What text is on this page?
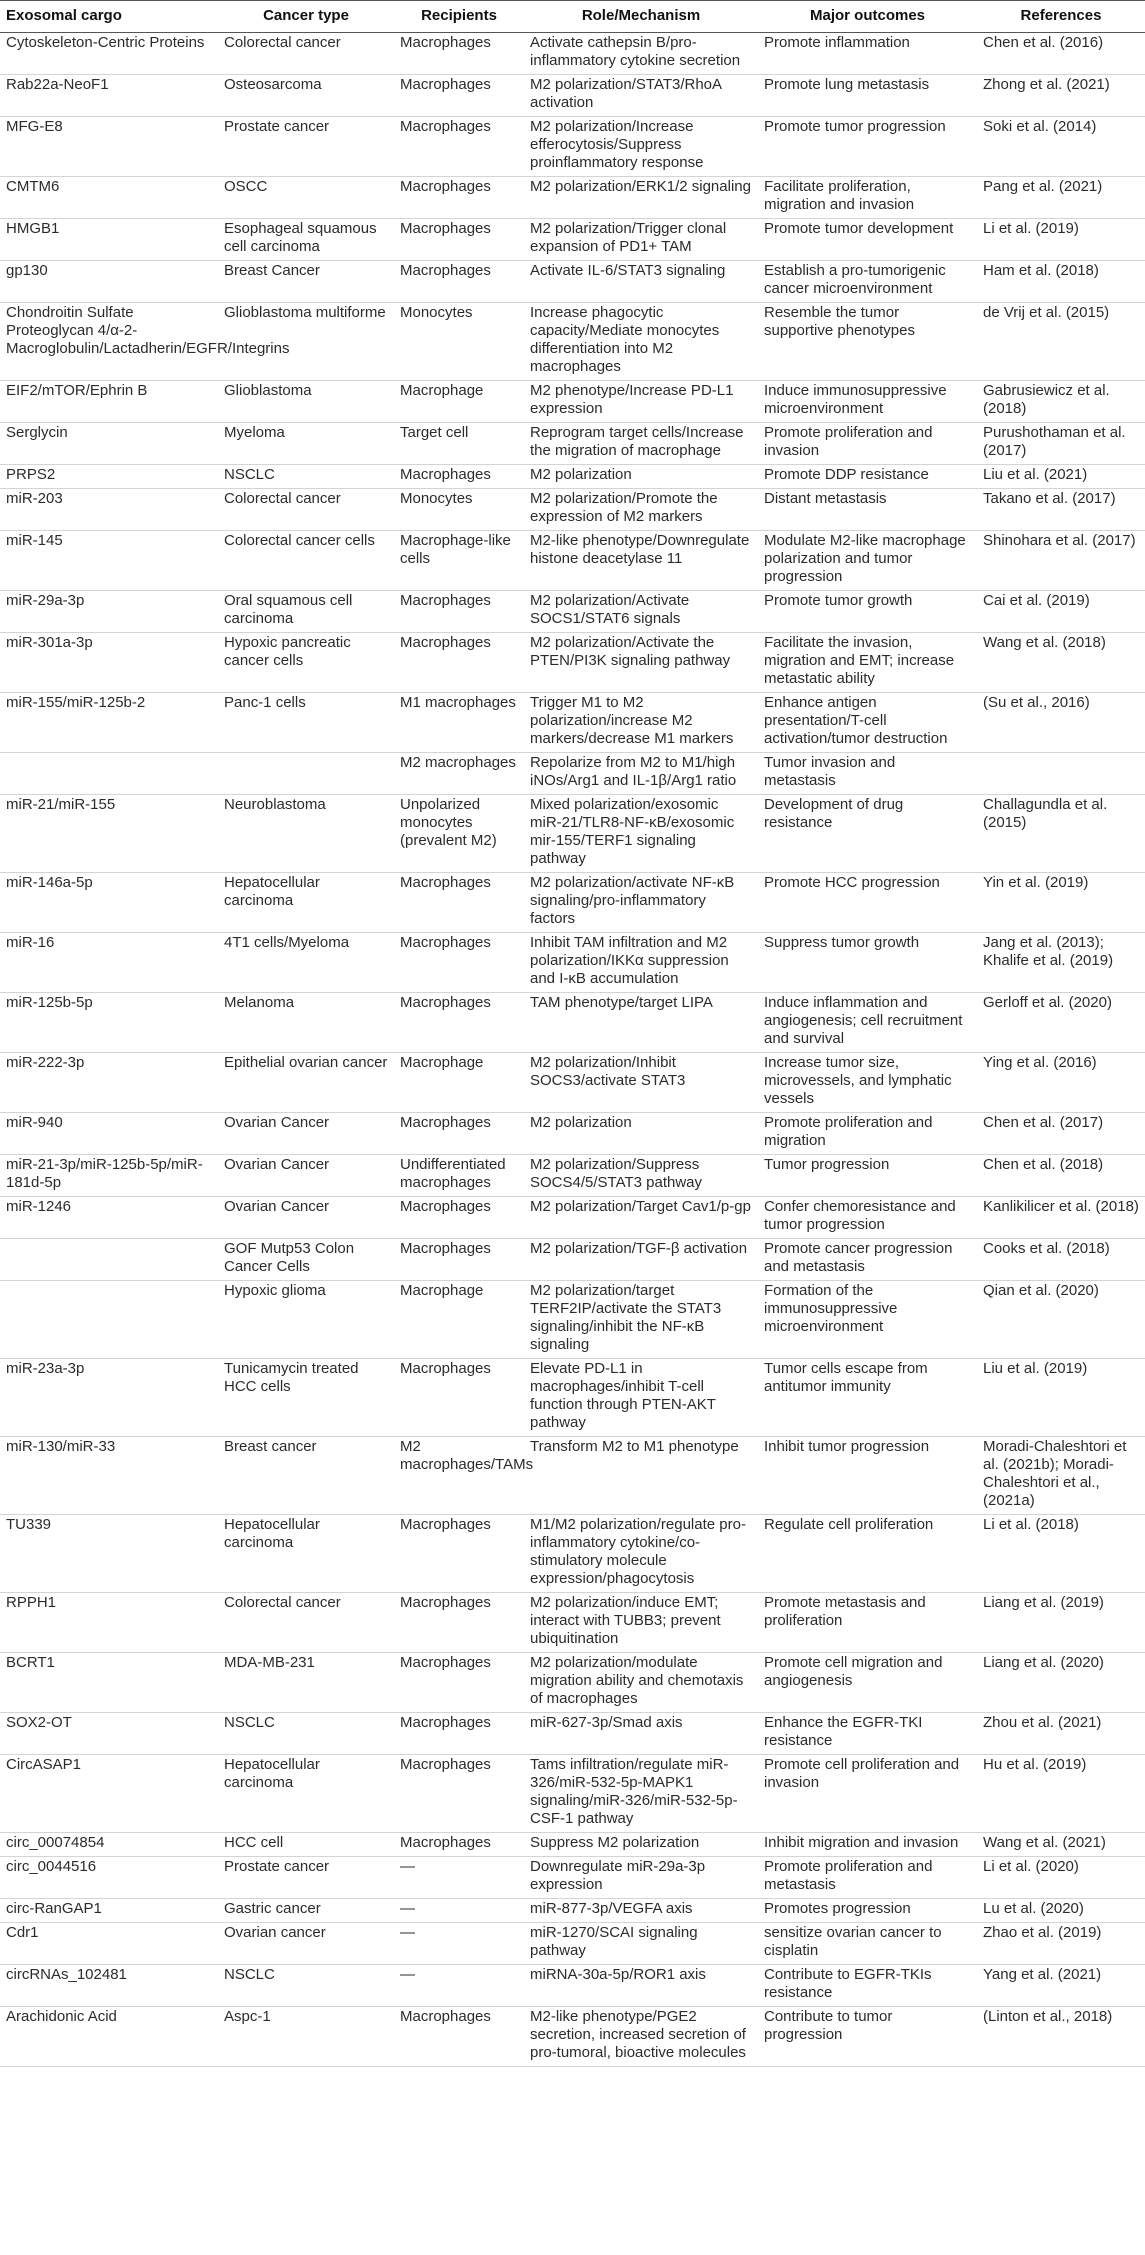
Exosomal cargo	Cancer type	Recipients	Role/Mechanism	Major outcomes	References
Cytoskeleton-Centric Proteins	Colorectal cancer	Macrophages	Activate cathepsin B/pro-inflammatory cytokine secretion	Promote inflammation	Chen et al. (2016)
Rab22a-NeoF1	Osteosarcoma	Macrophages	M2 polarization/STAT3/RhoA activation	Promote lung metastasis	Zhong et al. (2021)
MFG-E8	Prostate cancer	Macrophages	M2 polarization/Increase efferocytosis/Suppress proinflammatory response	Promote tumor progression	Soki et al. (2014)
CMTM6	OSCC	Macrophages	M2 polarization/ERK1/2 signaling	Facilitate proliferation, migration and invasion	Pang et al. (2021)
HMGB1	Esophageal squamous cell carcinoma	Macrophages	M2 polarization/Trigger clonal expansion of PD1+ TAM	Promote tumor development	Li et al. (2019)
gp130	Breast Cancer	Macrophages	Activate IL-6/STAT3 signaling	Establish a pro-tumorigenic cancer microenvironment	Ham et al. (2018)
Chondroitin Sulfate Proteoglycan 4/α-2-Macroglobulin/Lactadherin/EGFR/Integrins	Glioblastoma multiforme	Monocytes	Increase phagocytic capacity/Mediate monocytes differentiation into M2 macrophages	Resemble the tumor supportive phenotypes	de Vrij et al. (2015)
EIF2/mTOR/Ephrin B	Glioblastoma	Macrophage	M2 phenotype/Increase PD-L1 expression	Induce immunosuppressive microenvironment	Gabrusiewicz et al. (2018)
Serglycin	Myeloma	Target cell	Reprogram target cells/Increase the migration of macrophage	Promote proliferation and invasion	Purushothaman et al. (2017)
PRPS2	NSCLC	Macrophages	M2 polarization	Promote DDP resistance	Liu et al. (2021)
miR-203	Colorectal cancer	Monocytes	M2 polarization/Promote the expression of M2 markers	Distant metastasis	Takano et al. (2017)
miR-145	Colorectal cancer cells	Macrophage-like cells	M2-like phenotype/Downregulate histone deacetylase 11	Modulate M2-like macrophage polarization and tumor progression	Shinohara et al. (2017)
miR-29a-3p	Oral squamous cell carcinoma	Macrophages	M2 polarization/Activate SOCS1/STAT6 signals	Promote tumor growth	Cai et al. (2019)
miR-301a-3p	Hypoxic pancreatic cancer cells	Macrophages	M2 polarization/Activate the PTEN/PI3K signaling pathway	Facilitate the invasion, migration and EMT; increase metastatic ability	Wang et al. (2018)
miR-155/miR-125b-2	Panc-1 cells	M1 macrophages	Trigger M1 to M2 polarization/increase M2 markers/decrease M1 markers	Enhance antigen presentation/T-cell activation/tumor destruction	(Su et al., 2016)
		M2 macrophages	Repolarize from M2 to M1/high iNOs/Arg1 and IL-1β/Arg1 ratio	Tumor invasion and metastasis	
miR-21/miR-155	Neuroblastoma	Unpolarized monocytes (prevalent M2)	Mixed polarization/exosomic miR-21/TLR8-NF-κB/exosomic mir-155/TERF1 signaling pathway	Development of drug resistance	Challagundla et al. (2015)
miR-146a-5p	Hepatocellular carcinoma	Macrophages	M2 polarization/activate NF-κB signaling/pro-inflammatory factors	Promote HCC progression	Yin et al. (2019)
miR-16	4T1 cells/Myeloma	Macrophages	Inhibit TAM infiltration and M2 polarization/IKKα suppression and I-κB accumulation	Suppress tumor growth	Jang et al. (2013); Khalife et al. (2019)
miR-125b-5p	Melanoma	Macrophages	TAM phenotype/target LIPA	Induce inflammation and angiogenesis; cell recruitment and survival	Gerloff et al. (2020)
miR-222-3p	Epithelial ovarian cancer	Macrophage	M2 polarization/Inhibit SOCS3/activate STAT3	Increase tumor size, microvessels, and lymphatic vessels	Ying et al. (2016)
miR-940	Ovarian Cancer	Macrophages	M2 polarization	Promote proliferation and migration	Chen et al. (2017)
miR-21-3p/miR-125b-5p/miR-181d-5p	Ovarian Cancer	Undifferentiated macrophages	M2 polarization/Suppress SOCS4/5/STAT3 pathway	Tumor progression	Chen et al. (2018)
miR-1246	Ovarian Cancer	Macrophages	M2 polarization/Target Cav1/p-gp	Confer chemoresistance and tumor progression	Kanlikilicer et al. (2018)
	GOF Mutp53 Colon Cancer Cells	Macrophages	M2 polarization/TGF-β activation	Promote cancer progression and metastasis	Cooks et al. (2018)
	Hypoxic glioma	Macrophage	M2 polarization/target TERF2IP/activate the STAT3 signaling/inhibit the NF-κB signaling	Formation of the immunosuppressive microenvironment	Qian et al. (2020)
miR-23a-3p	Tunicamycin treated HCC cells	Macrophages	Elevate PD-L1 in macrophages/inhibit T-cell function through PTEN-AKT pathway	Tumor cells escape from antitumor immunity	Liu et al. (2019)
miR-130/miR-33	Breast cancer	M2 macrophages/TAMs	Transform M2 to M1 phenotype	Inhibit tumor progression	Moradi-Chaleshtori et al. (2021b); Moradi-Chaleshtori et al., (2021a)
TU339	Hepatocellular carcinoma	Macrophages	M1/M2 polarization/regulate pro-inflammatory cytokine/co-stimulatory molecule expression/phagocytosis	Regulate cell proliferation	Li et al. (2018)
RPPH1	Colorectal cancer	Macrophages	M2 polarization/induce EMT; interact with TUBB3; prevent ubiquitination	Promote metastasis and proliferation	Liang et al. (2019)
BCRT1	MDA-MB-231	Macrophages	M2 polarization/modulate migration ability and chemotaxis of macrophages	Promote cell migration and angiogenesis	Liang et al. (2020)
SOX2-OT	NSCLC	Macrophages	miR-627-3p/Smad axis	Enhance the EGFR-TKI resistance	Zhou et al. (2021)
CircASAP1	Hepatocellular carcinoma	Macrophages	Tams infiltration/regulate miR-326/miR-532-5p-MAPK1 signaling/miR-326/miR-532-5p-CSF-1 pathway	Promote cell proliferation and invasion	Hu et al. (2019)
circ_00074854	HCC cell	Macrophages	Suppress M2 polarization	Inhibit migration and invasion	Wang et al. (2021)
circ_0044516	Prostate cancer	—	Downregulate miR-29a-3p expression	Promote proliferation and metastasis	Li et al. (2020)
circ-RanGAP1	Gastric cancer	—	miR-877-3p/VEGFA axis	Promotes progression	Lu et al. (2020)
Cdr1	Ovarian cancer	—	miR-1270/SCAI signaling pathway	sensitize ovarian cancer to cisplatin	Zhao et al. (2019)
circRNAs_102481	NSCLC	—	miRNA-30a-5p/ROR1 axis	Contribute to EGFR-TKIs resistance	Yang et al. (2021)
Arachidonic Acid	Aspc-1	Macrophages	M2-like phenotype/PGE2 secretion, increased secretion of pro-tumoral, bioactive molecules	Contribute to tumor progression	(Linton et al., 2018)
